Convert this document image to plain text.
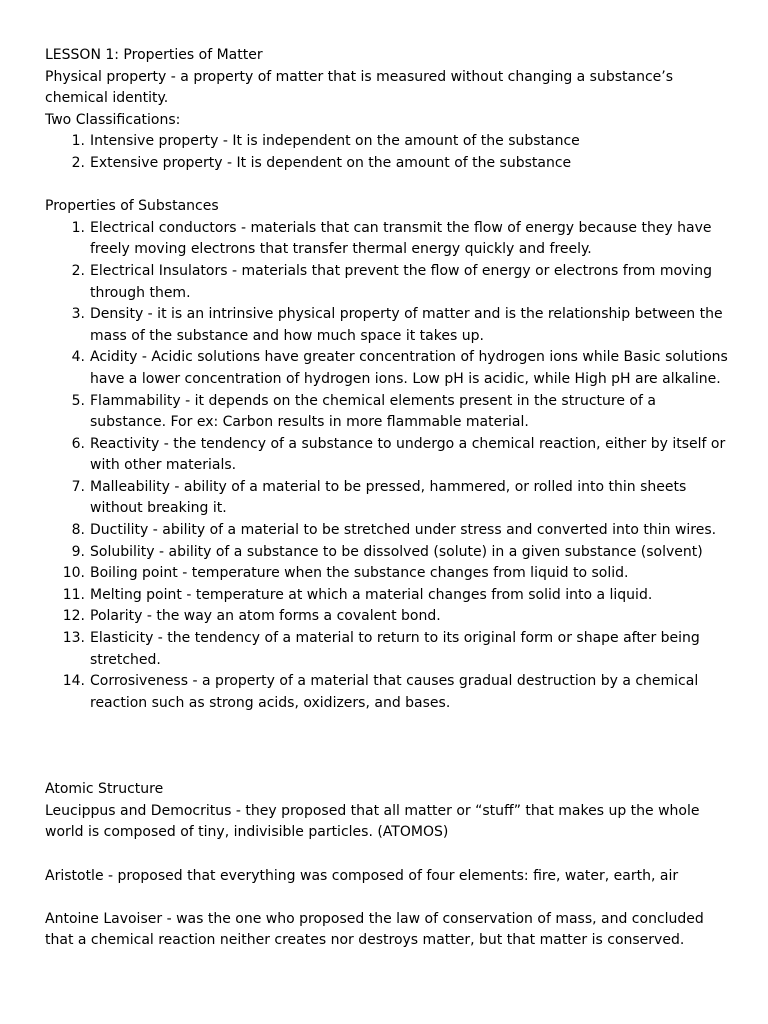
LESSON 1: Properties of Matter

Physical property - a property of matter that is measured without changing a substance’s chemical identity.

Two Classifications:

1. Intensive property - It is independent on the amount of the substance
2. Extensive property - It is dependent on the amount of the substance

Properties of Substances

1. Electrical conductors - materials that can transmit the flow of energy because they have freely moving electrons that transfer thermal energy quickly and freely.
2. Electrical Insulators - materials that prevent the flow of energy or electrons from moving through them.
3. Density - it is an intrinsive physical property of matter and is the relationship between the mass of the substance and how much space it takes up.
4. Acidity - Acidic solutions have greater concentration of hydrogen ions while Basic solutions have a lower concentration of hydrogen ions. Low pH is acidic, while High pH are alkaline.
5. Flammability - it depends on the chemical elements present in the structure of a substance. For ex: Carbon results in more flammable material.
6. Reactivity - the tendency of a substance to undergo a chemical reaction, either by itself or with other materials.
7. Malleability - ability of a material to be pressed, hammered, or rolled into thin sheets without breaking it.
8. Ductility - ability of a material to be stretched under stress and converted into thin wires.
9. Solubility - ability of a substance to be dissolved (solute) in a given substance (solvent)
10. Boiling point - temperature when the substance changes from liquid to solid.
11. Melting point - temperature at which a material changes from solid into a liquid.
12. Polarity - the way an atom forms a covalent bond.
13. Elasticity - the tendency of a material to return to its original form or shape after being stretched.
14. Corrosiveness - a property of a material that causes gradual destruction by a chemical reaction such as strong acids, oxidizers, and bases.

Atomic Structure

Leucippus and Democritus - they proposed that all matter or “stuff” that makes up the whole world is composed of tiny, indivisible particles. (ATOMOS)

Aristotle - proposed that everything was composed of four elements: fire, water, earth, air

Antoine Lavoiser - was the one who proposed the law of conservation of mass, and concluded that a chemical reaction neither creates nor destroys matter, but that matter is conserved.
